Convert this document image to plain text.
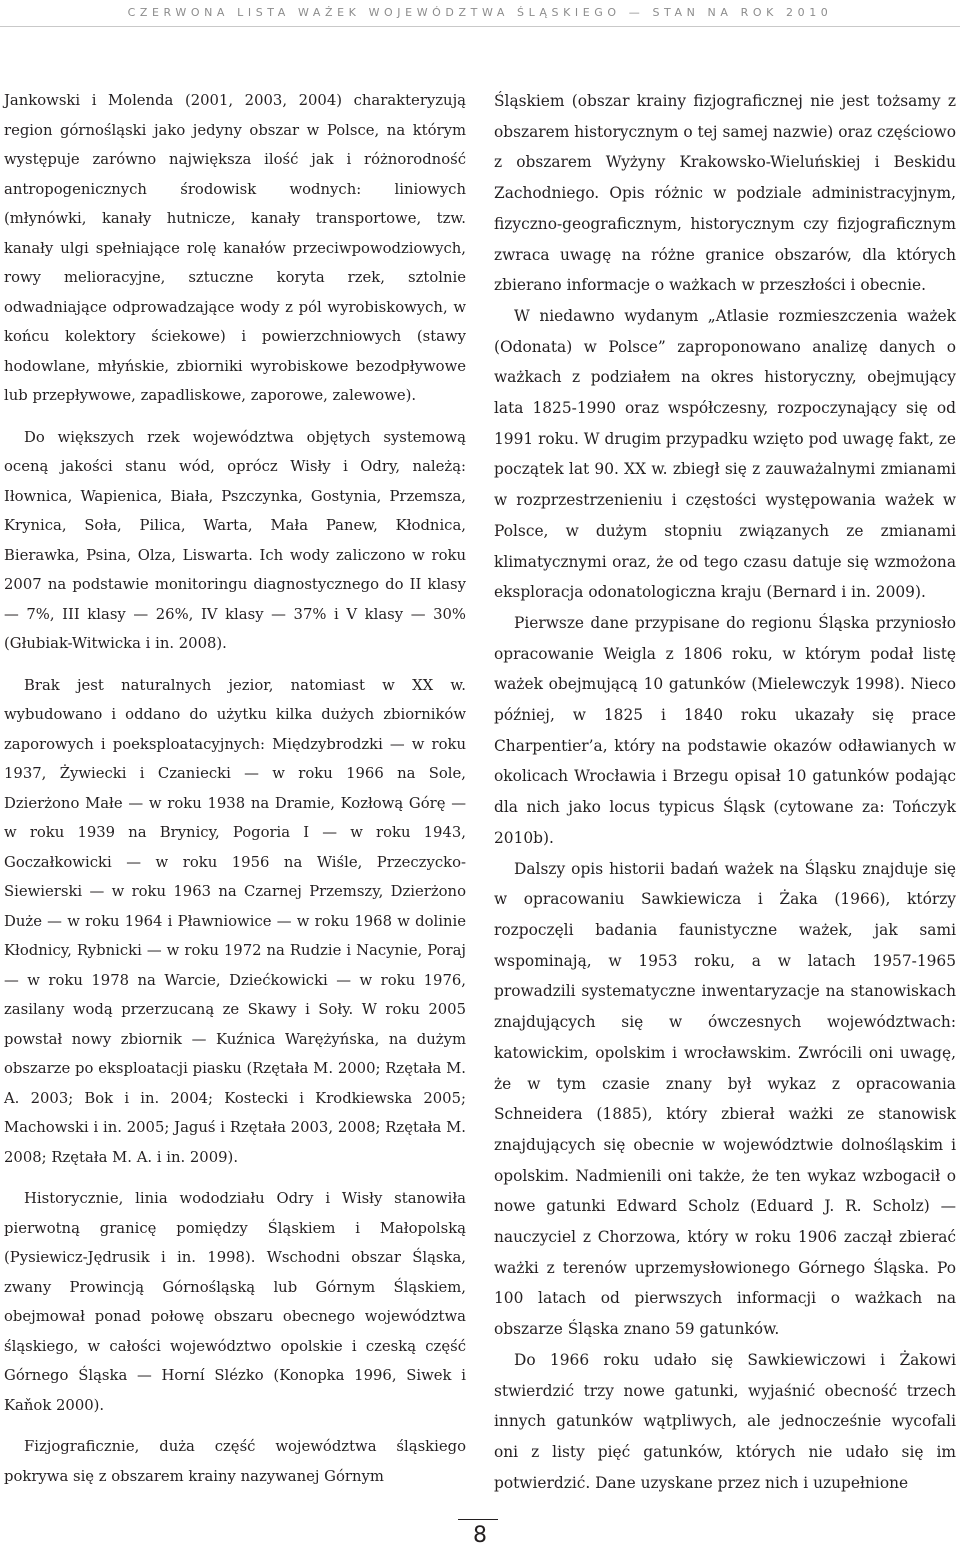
CZERWONA LISTA WAŻEK WOJEWÓDZTWA ŚLĄSKIEGO — STAN NA ROK 2010

Jankowski i Molenda (2001, 2003, 2004) charakteryzują region górnośląski jako jedyny obszar w Polsce, na którym występuje zarówno największa ilość jak i różnorodność antropogenicznych środowisk wodnych: liniowych (młynówki, kanały hutnicze, kanały transportowe, tzw. kanały ulgi spełniające rolę kanałów przeciwpowodziowych, rowy melioracyjne, sztuczne koryta rzek, sztolnie odwadniające odprowadzające wody z pól wyrobiskowych, w końcu kolektory ściekowe) i powierzchniowych (stawy hodowlane, młyńskie, zbiorniki wyrobiskowe bezodpływowe lub przepływowe, zapadliskowe, zaporowe, zalewowe).

Do większych rzek województwa objętych systemową oceną jakości stanu wód, oprócz Wisły i Odry, należą: Iłownica, Wapienica, Biała, Pszczynka, Gostynia, Przemsza, Krynica, Soła, Pilica, Warta, Mała Panew, Kłodnica, Bierawka, Psina, Olza, Liswarta. Ich wody zaliczono w roku 2007 na podstawie monitoringu diagnostycznego do II klasy — 7%, III klasy — 26%, IV klasy — 37% i V klasy — 30% (Głubiak-Witwicka i in. 2008).

Brak jest naturalnych jezior, natomiast w XX w. wybudowano i oddano do użytku kilka dużych zbiorników zaporowych i poeksploatacyjnych: Międzybrodzki — w roku 1937, Żywiecki i Czaniecki — w roku 1966 na Sole, Dzierżono Małe — w roku 1938 na Dramie, Kozłową Górę — w roku 1939 na Brynicy, Pogoria I — w roku 1943, Goczałkowicki — w roku 1956 na Wiśle, Przeczycko-Siewierski — w roku 1963 na Czarnej Przemszy, Dzierżono Duże — w roku 1964 i Pławniowice — w roku 1968 w dolinie Kłodnicy, Rybnicki — w roku 1972 na Rudzie i Nacynie, Poraj — w roku 1978 na Warcie, Dziećkowicki — w roku 1976, zasilany wodą przerzucaną ze Skawy i Soły. W roku 2005 powstał nowy zbiornik — Kuźnica Warężyńska, na dużym obszarze po eksploatacji piasku (Rzętała M. 2000; Rzętała M. A. 2003; Bok i in. 2004; Kostecki i Krodkiewska 2005; Machowski i in. 2005; Jaguś i Rzętała 2003, 2008; Rzętała M. 2008; Rzętała M. A. i in. 2009).

Historycznie, linia wododziału Odry i Wisły stanowiła pierwotną granicę pomiędzy Śląskiem i Małopolską (Pysiewicz-Jędrusik i in. 1998). Wschodni obszar Śląska, zwany Prowincją Górnośląską lub Górnym Śląskiem, obejmował ponad połowę obszaru obecnego województwa śląskiego, w całości województwo opolskie i czeską część Górnego Śląska — Horní Slézko (Konopka 1996, Siwek i Kaňok 2000).

Fizjograficznie, duża część województwa śląskiego pokrywa się z obszarem krainy nazywanej Górnym

Śląskiem (obszar krainy fizjograficznej nie jest tożsamy z obszarem historycznym o tej samej nazwie) oraz częściowo z obszarem Wyżyny Krakowsko-Wieluńskiej i Beskidu Zachodniego. Opis różnic w podziale administracyjnym, fizyczno-geograficznym, historycznym czy fizjograficznym zwraca uwagę na różne granice obszarów, dla których zbierano informacje o ważkach w przeszłości i obecnie.

W niedawno wydanym „Atlasie rozmieszczenia ważek (Odonata) w Polsce” zaproponowano analizę danych o ważkach z podziałem na okres historyczny, obejmujący lata 1825-1990 oraz współczesny, rozpoczynający się od 1991 roku. W drugim przypadku wzięto pod uwagę fakt, ze początek lat 90. XX w. zbiegł się z zauważalnymi zmianami w rozprzestrzenieniu i częstości występowania ważek w Polsce, w dużym stopniu związanych ze zmianami klimatycznymi oraz, że od tego czasu datuje się wzmożona eksploracja odonatologiczna kraju (Bernard i in. 2009).

Pierwsze dane przypisane do regionu Śląska przyniosło opracowanie Weigla z 1806 roku, w którym podał listę ważek obejmującą 10 gatunków (Mielewczyk 1998). Nieco później, w 1825 i 1840 roku ukazały się prace Charpentier’a, który na podstawie okazów odławianych w okolicach Wrocławia i Brzegu opisał 10 gatunków podając dla nich jako locus typicus Śląsk (cytowane za: Tończyk 2010b).

Dalszy opis historii badań ważek na Śląsku znajduje się w opracowaniu Sawkiewicza i Żaka (1966), którzy rozpoczęli badania faunistyczne ważek, jak sami wspominają, w 1953 roku, a w latach 1957-1965 prowadzili systematyczne inwentaryzacje na stanowiskach znajdujących się w ówczesnych województwach: katowickim, opolskim i wrocławskim. Zwrócili oni uwagę, że w tym czasie znany był wykaz z opracowania Schneidera (1885), który zbierał ważki ze stanowisk znajdujących się obecnie w województwie dolnośląskim i opolskim. Nadmienili oni także, że ten wykaz wzbogacił o nowe gatunki Edward Scholz (Eduard J. R. Scholz) — nauczyciel z Chorzowa, który w roku 1906 zaczął zbierać ważki z terenów uprzemysłowionego Górnego Śląska. Po 100 latach od pierwszych informacji o ważkach na obszarze Śląska znano 59 gatunków.

Do 1966 roku udało się Sawkiewiczowi i Żakowi stwierdzić trzy nowe gatunki, wyjaśnić obecność trzech innych gatunków wątpliwych, ale jednocześnie wycofali oni z listy pięć gatunków, których nie udało się im potwierdzić. Dane uzyskane przez nich i uzupełnione

8
